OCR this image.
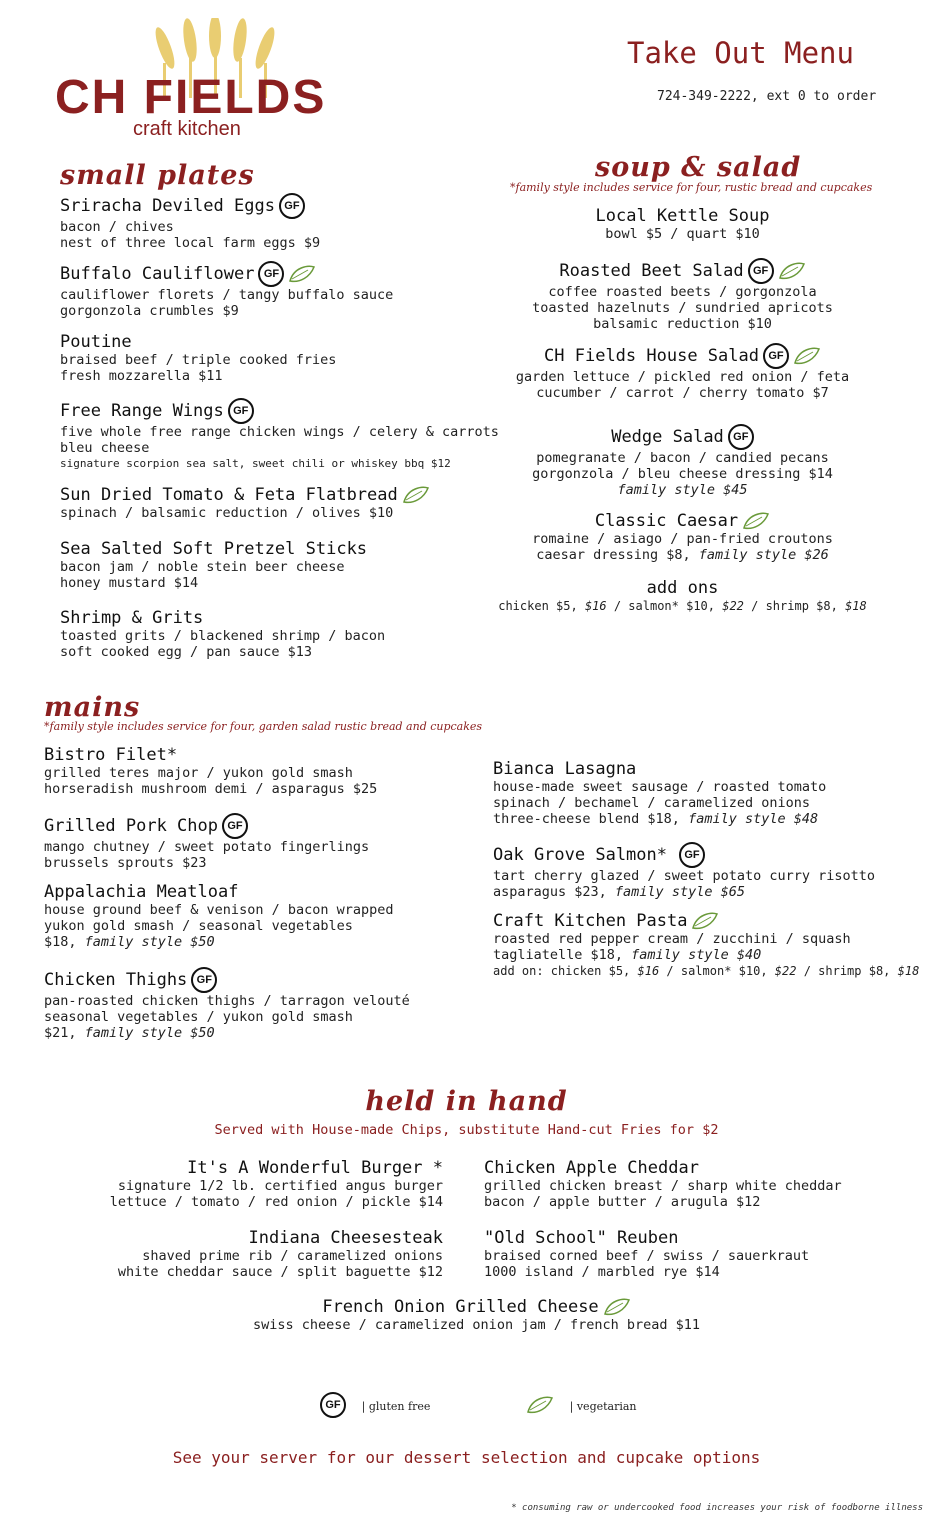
CH FIELDS
craft kitchen
Take Out Menu
724-349-2222, ext 0 to order
small plates
Sriracha Deviled Eggs GF
bacon / chives
nest of three local farm eggs $9
Buffalo Cauliflower GF
cauliflower florets / tangy buffalo sauce
gorgonzola crumbles $9
Poutine
braised beef / triple cooked fries
fresh mozzarella $11
Free Range Wings GF
five whole free range chicken wings / celery & carrots
bleu cheese
signature scorpion sea salt, sweet chili or whiskey bbq $12
Sun Dried Tomato & Feta Flatbread
spinach / balsamic reduction / olives $10
Sea Salted Soft Pretzel Sticks
bacon jam / noble stein beer cheese
honey mustard $14
Shrimp & Grits
toasted grits / blackened shrimp / bacon
soft cooked egg / pan sauce $13
soup & salad
*family style includes service for four, rustic bread and cupcakes
Local Kettle Soup
bowl $5 / quart $10
Roasted Beet Salad GF
coffee roasted beets / gorgonzola
toasted hazelnuts / sundried apricots
balsamic reduction $10
CH Fields House Salad GF
garden lettuce / pickled red onion / feta
cucumber / carrot / cherry tomato $7
Wedge Salad GF
pomegranate / bacon / candied pecans
gorgonzola / bleu cheese dressing $14
family style $45
Classic Caesar
romaine / asiago / pan-fried croutons
caesar dressing $8, family style $26
add ons
chicken $5, $16 / salmon* $10, $22 / shrimp $8, $18
mains
*family style includes service for four, garden salad rustic bread and cupcakes
Bistro Filet*
grilled teres major / yukon gold smash
horseradish mushroom demi / asparagus $25
Grilled Pork Chop GF
mango chutney / sweet potato fingerlings
brussels sprouts $23
Appalachia Meatloaf
house ground beef & venison / bacon wrapped
yukon gold smash / seasonal vegetables
$18, family style $50
Chicken Thighs GF
pan-roasted chicken thighs / tarragon velouté
seasonal vegetables / yukon gold smash
$21, family style $50
Bianca Lasagna
house-made sweet sausage / roasted tomato
spinach / bechamel / caramelized onions
three-cheese blend $18, family style $48
Oak Grove Salmon* GF
tart cherry glazed / sweet potato curry risotto
asparagus $23, family style $65
Craft Kitchen Pasta
roasted red pepper cream / zucchini / squash
tagliatelle $18, family style $40
add on: chicken $5, $16 / salmon* $10, $22 / shrimp $8, $18
held in hand
Served with House-made Chips, substitute Hand-cut Fries for $2
It's A Wonderful Burger *
signature 1/2 lb. certified angus burger
lettuce / tomato / red onion / pickle $14
Chicken Apple Cheddar
grilled chicken breast / sharp white cheddar
bacon / apple butter / arugula $12
Indiana Cheesesteak
shaved prime rib / caramelized onions
white cheddar sauce / split baguette $12
"Old School" Reuben
braised corned beef / swiss / sauerkraut
1000 island / marbled rye $14
French Onion Grilled Cheese
swiss cheese / caramelized onion jam / french bread $11
GF | gluten free	| vegetarian
See your server for our dessert selection and cupcake options
* consuming raw or undercooked food increases your risk of foodborne illness
